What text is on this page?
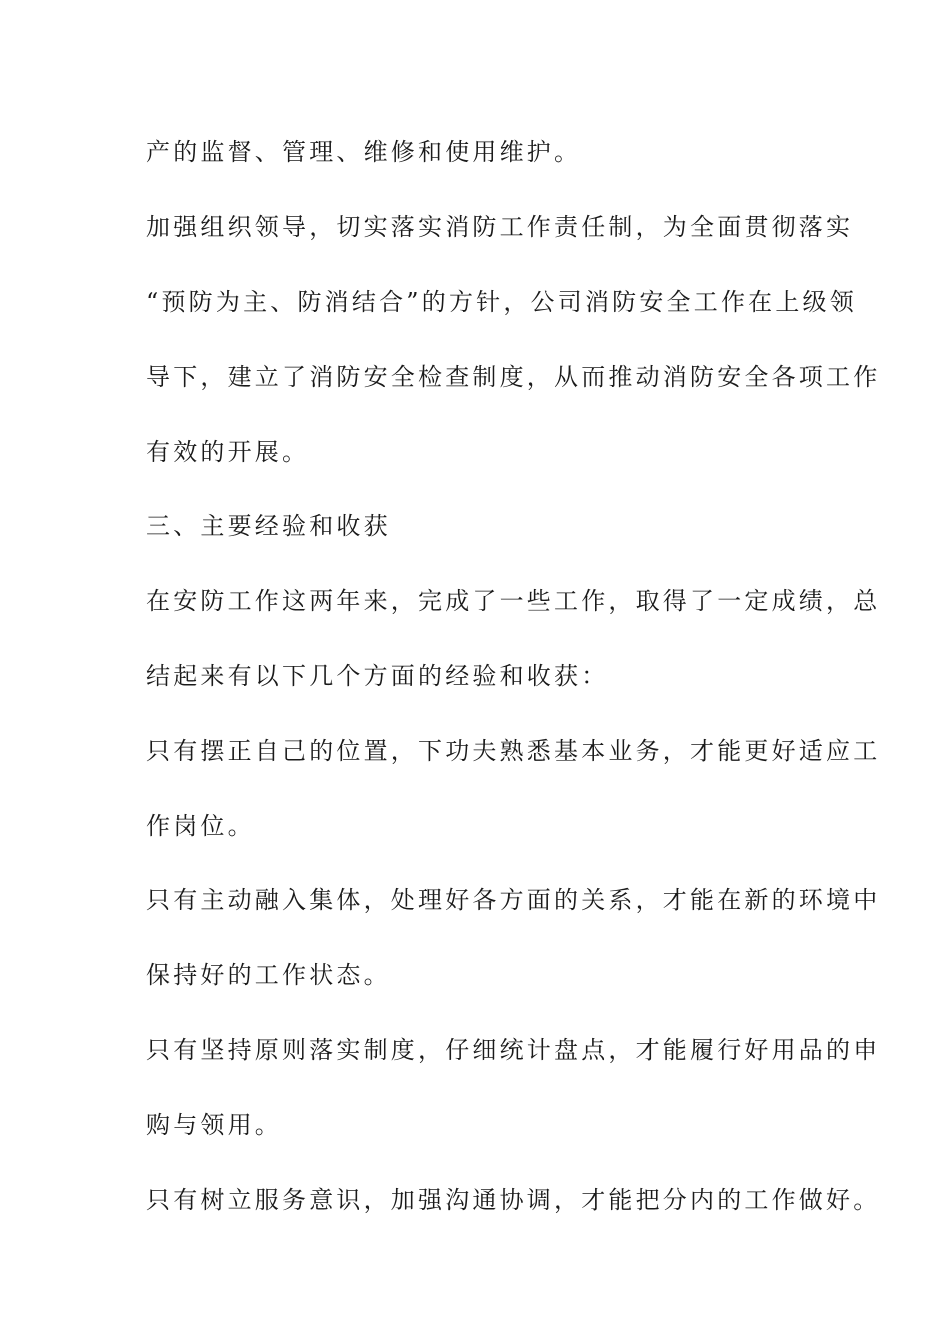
产的监督、管理、维修和使用维护。

加强组织领导，切实落实消防工作责任制，为全面贯彻落实

“预防为主、防消结合”的方针，公司消防安全工作在上级领

导下，建立了消防安全检查制度，从而推动消防安全各项工作

有效的开展。

三、主要经验和收获

在安防工作这两年来，完成了一些工作，取得了一定成绩，总

结起来有以下几个方面的经验和收获：

只有摆正自己的位置，下功夫熟悉基本业务，才能更好适应工

作岗位。

只有主动融入集体，处理好各方面的关系，才能在新的环境中

保持好的工作状态。

只有坚持原则落实制度，仔细统计盘点，才能履行好用品的申

购与领用。

只有树立服务意识，加强沟通协调，才能把分内的工作做好。
